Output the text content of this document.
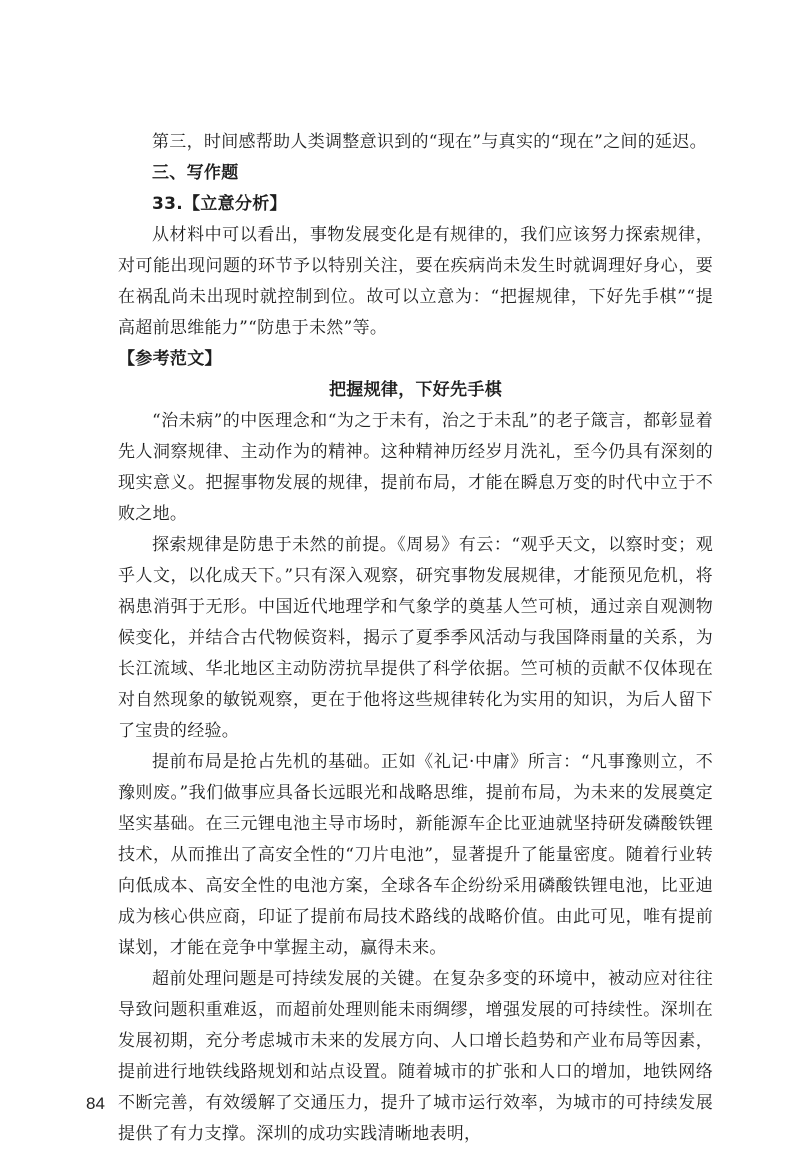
第三，时间感帮助人类调整意识到的“现在”与真实的“现在”之间的延迟。

三、写作题

33.【立意分析】

从材料中可以看出，事物发展变化是有规律的，我们应该努力探索规律，对可能出现问题的环节予以特别关注，要在疾病尚未发生时就调理好身心，要在祸乱尚未出现时就控制到位。故可以立意为：“把握规律，下好先手棋”“提高超前思维能力”“防患于未然”等。

【参考范文】

把握规律，下好先手棋

“治未病”的中医理念和“为之于未有，治之于未乱”的老子箴言，都彰显着先人洞察规律、主动作为的精神。这种精神历经岁月洗礼，至今仍具有深刻的现实意义。把握事物发展的规律，提前布局，才能在瞬息万变的时代中立于不败之地。

探索规律是防患于未然的前提。《周易》有云：“观乎天文，以察时变；观乎人文，以化成天下。”只有深入观察，研究事物发展规律，才能预见危机，将祸患消弭于无形。中国近代地理学和气象学的奠基人竺可桢，通过亲自观测物候变化，并结合古代物候资料，揭示了夏季季风活动与我国降雨量的关系，为长江流域、华北地区主动防涝抗旱提供了科学依据。竺可桢的贡献不仅体现在对自然现象的敏锐观察，更在于他将这些规律转化为实用的知识，为后人留下了宝贵的经验。

提前布局是抢占先机的基础。正如《礼记·中庸》所言：“凡事豫则立，不豫则废。”我们做事应具备长远眼光和战略思维，提前布局，为未来的发展奠定坚实基础。在三元锂电池主导市场时，新能源车企比亚迪就坚持研发磷酸铁锂技术，从而推出了高安全性的“刀片电池”，显著提升了能量密度。随着行业转向低成本、高安全性的电池方案，全球各车企纷纷采用磷酸铁锂电池，比亚迪成为核心供应商，印证了提前布局技术路线的战略价值。由此可见，唯有提前谋划，才能在竞争中掌握主动，赢得未来。

超前处理问题是可持续发展的关键。在复杂多变的环境中，被动应对往往导致问题积重难返，而超前处理则能未雨绸缪，增强发展的可持续性。深圳在发展初期，充分考虑城市未来的发展方向、人口增长趋势和产业布局等因素，提前进行地铁线路规划和站点设置。随着城市的扩张和人口的增加，地铁网络不断完善，有效缓解了交通压力，提升了城市运行效率，为城市的可持续发展提供了有力支撑。深圳的成功实践清晰地表明，

84
